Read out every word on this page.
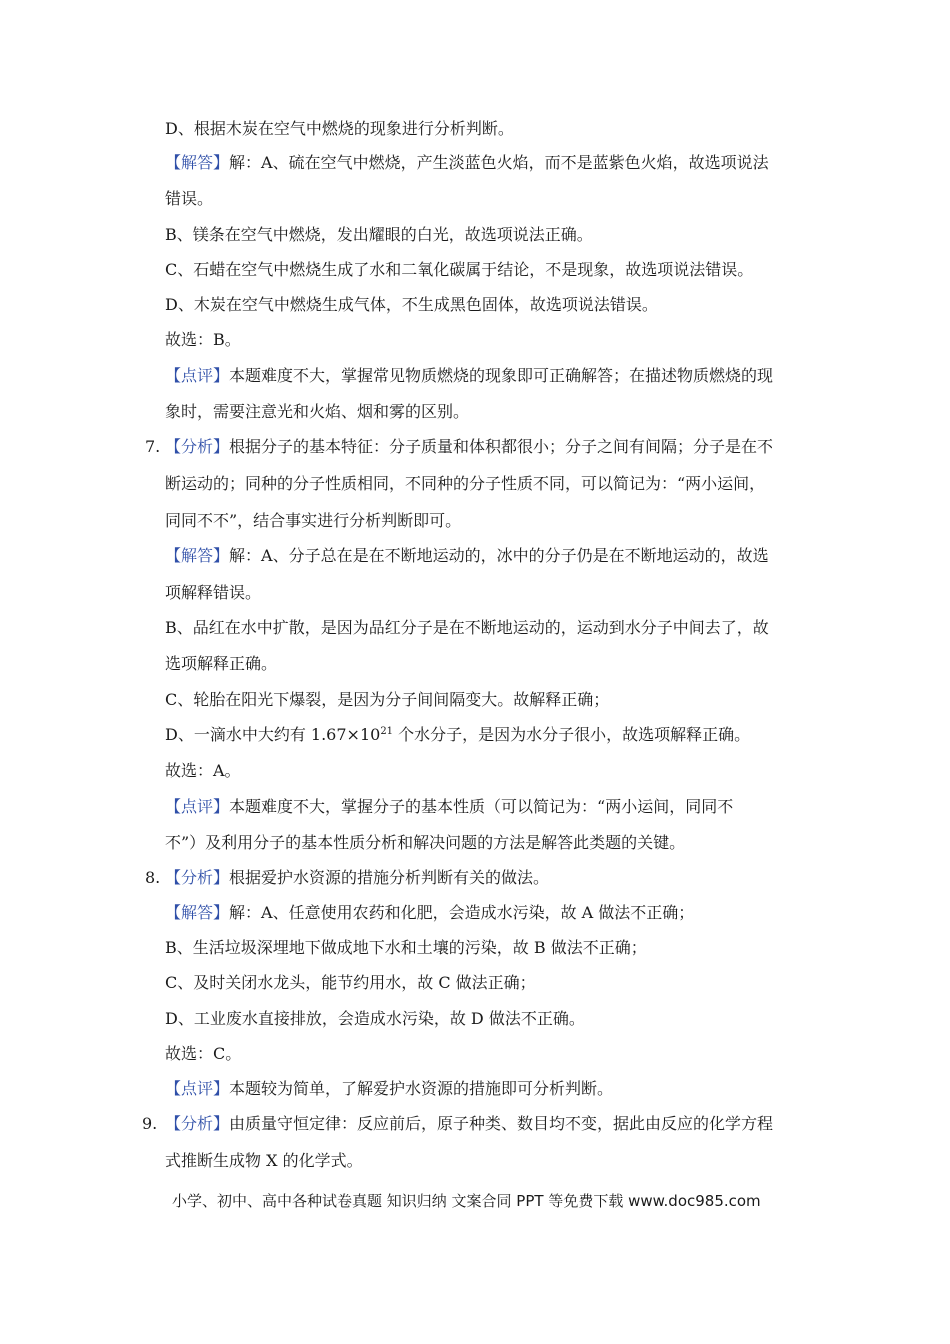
D、根据木炭在空气中燃烧的现象进行分析判断。
【解答】解：A、硫在空气中燃烧，产生淡蓝色火焰，而不是蓝紫色火焰，故选项说法
错误。
B、镁条在空气中燃烧，发出耀眼的白光，故选项说法正确。
C、石蜡在空气中燃烧生成了水和二氧化碳属于结论，不是现象，故选项说法错误。
D、木炭在空气中燃烧生成气体，不生成黑色固体，故选项说法错误。
故选：B。
【点评】本题难度不大，掌握常见物质燃烧的现象即可正确解答；在描述物质燃烧的现
象时，需要注意光和火焰、烟和雾的区别。
7. 【分析】根据分子的基本特征：分子质量和体积都很小；分子之间有间隔；分子是在不
断运动的；同种的分子性质相同，不同种的分子性质不同，可以简记为：“两小运间，
同同不不”，结合事实进行分析判断即可。
【解答】解：A、分子总在是在不断地运动的，冰中的分子仍是在不断地运动的，故选
项解释错误。
B、品红在水中扩散，是因为品红分子是在不断地运动的，运动到水分子中间去了，故
选项解释正确。
C、轮胎在阳光下爆裂，是因为分子间间隔变大。故解释正确；
D、一滴水中大约有 $1.67\times 10^{21}$ 个水分子，是因为水分子很小，故选项解释正确。
故选：A。
【点评】本题难度不大，掌握分子的基本性质（可以简记为：“两小运间，同同不
不”）及利用分子的基本性质分析和解决问题的方法是解答此类题的关键。
8. 【分析】根据爱护水资源的措施分析判断有关的做法。
【解答】解：A、任意使用农药和化肥，会造成水污染，故 A 做法不正确；
B、生活垃圾深埋地下做成地下水和土壤的污染，故 B 做法不正确；
C、及时关闭水龙头，能节约用水，故 C 做法正确；
D、工业废水直接排放，会造成水污染，故 D 做法不正确。
故选：C。
【点评】本题较为简单，了解爱护水资源的措施即可分析判断。
9. 【分析】由质量守恒定律：反应前后，原子种类、数目均不变，据此由反应的化学方程
式推断生成物 X 的化学式。
小学、初中、高中各种试卷真题 知识归纳 文案合同 PPT 等免费下载 www.doc985.com
